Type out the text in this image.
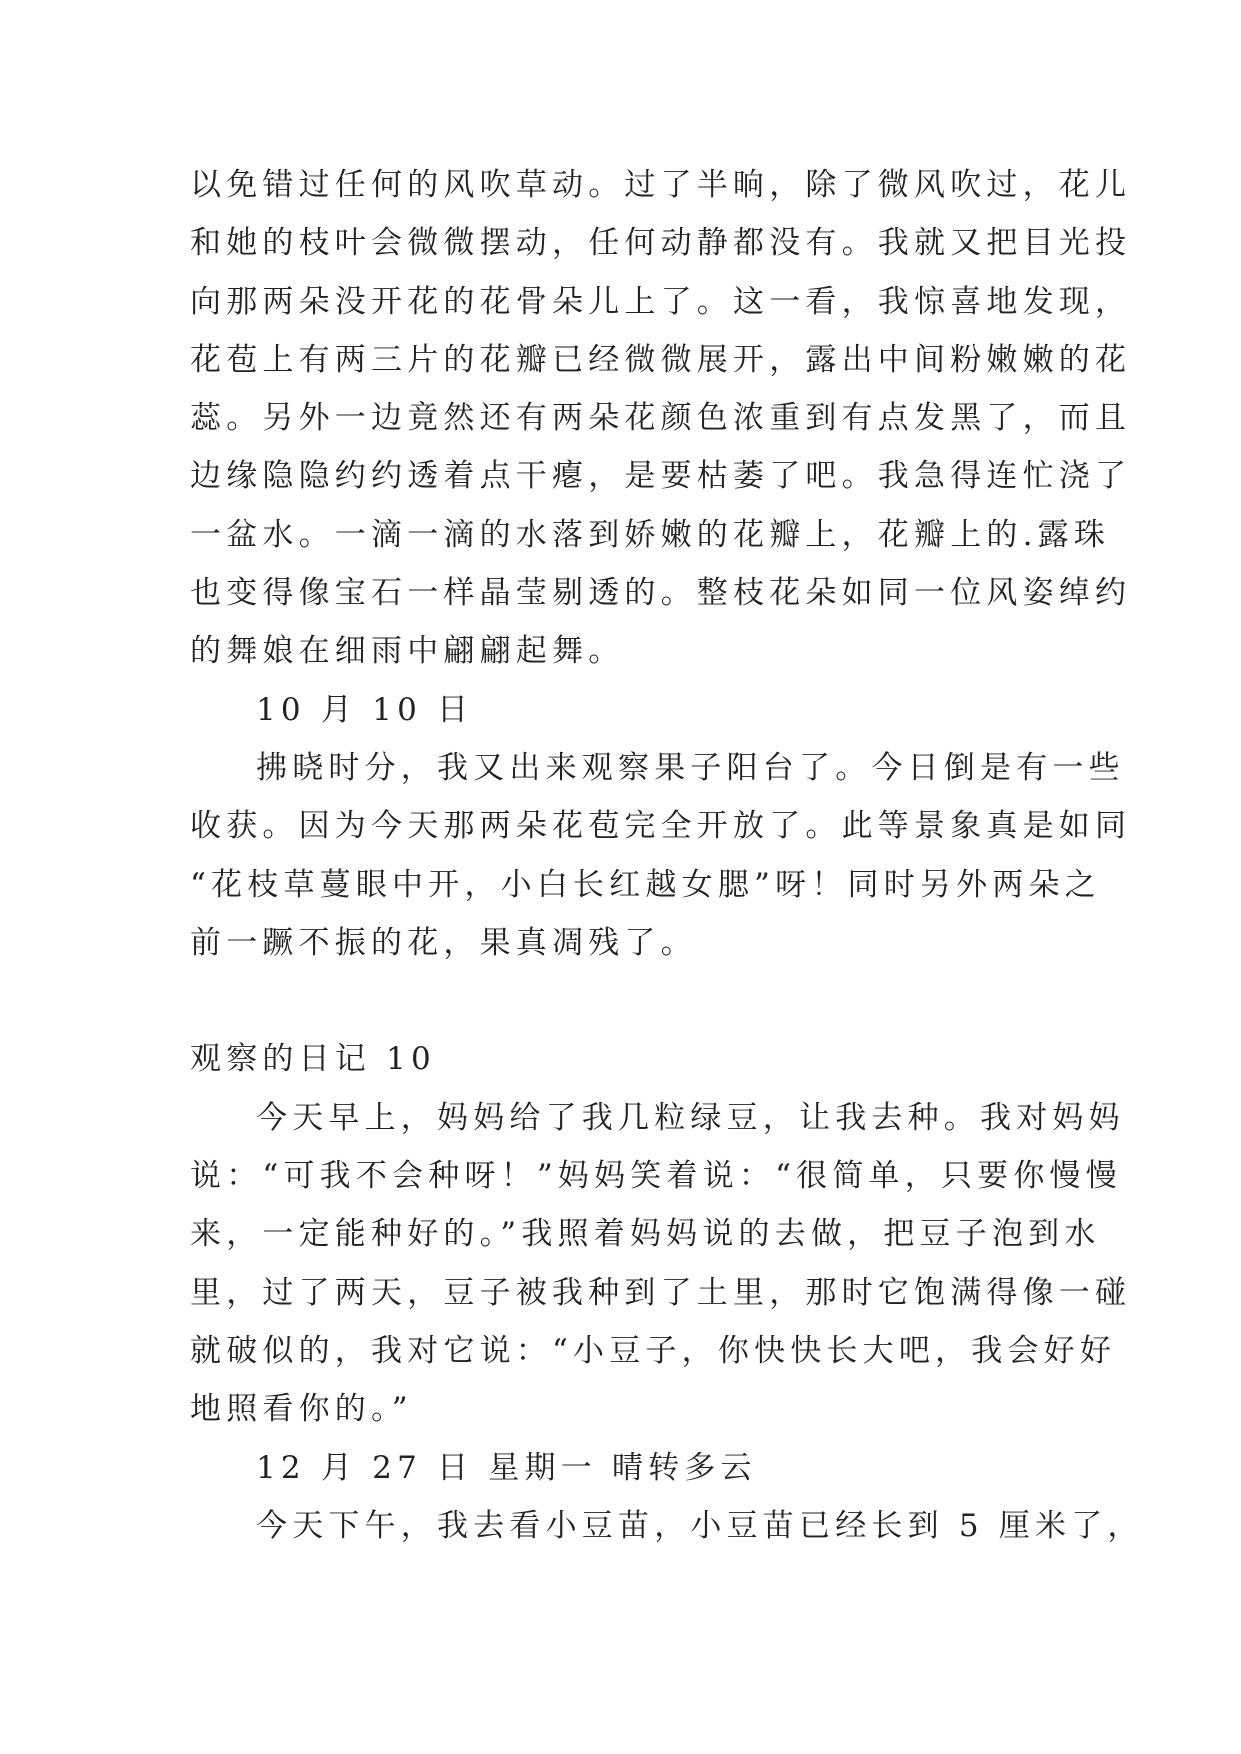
以免错过任何的风吹草动。过了半晌，除了微风吹过，花儿
和她的枝叶会微微摆动，任何动静都没有。我就又把目光投
向那两朵没开花的花骨朵儿上了。这一看，我惊喜地发现，
花苞上有两三片的花瓣已经微微展开，露出中间粉嫩嫩的花
蕊。另外一边竟然还有两朵花颜色浓重到有点发黑了，而且
边缘隐隐约约透着点干瘪，是要枯萎了吧。我急得连忙浇了
一盆水。一滴一滴的水落到娇嫩的花瓣上，花瓣上的.露珠
也变得像宝石一样晶莹剔透的。整枝花朵如同一位风姿绰约
的舞娘在细雨中翩翩起舞。
10 月 10 日
拂晓时分，我又出来观察果子阳台了。今日倒是有一些
收获。因为今天那两朵花苞完全开放了。此等景象真是如同
“花枝草蔓眼中开，小白长红越女腮”呀！同时另外两朵之
前一蹶不振的花，果真凋残了。
观察的日记 10
今天早上，妈妈给了我几粒绿豆，让我去种。我对妈妈
说：“可我不会种呀！”妈妈笑着说：“很简单，只要你慢慢
来，一定能种好的。”我照着妈妈说的去做，把豆子泡到水
里，过了两天，豆子被我种到了土里，那时它饱满得像一碰
就破似的，我对它说：“小豆子，你快快长大吧，我会好好
地照看你的。”
12 月 27 日 星期一 晴转多云
今天下午，我去看小豆苗，小豆苗已经长到 5 厘米了，
